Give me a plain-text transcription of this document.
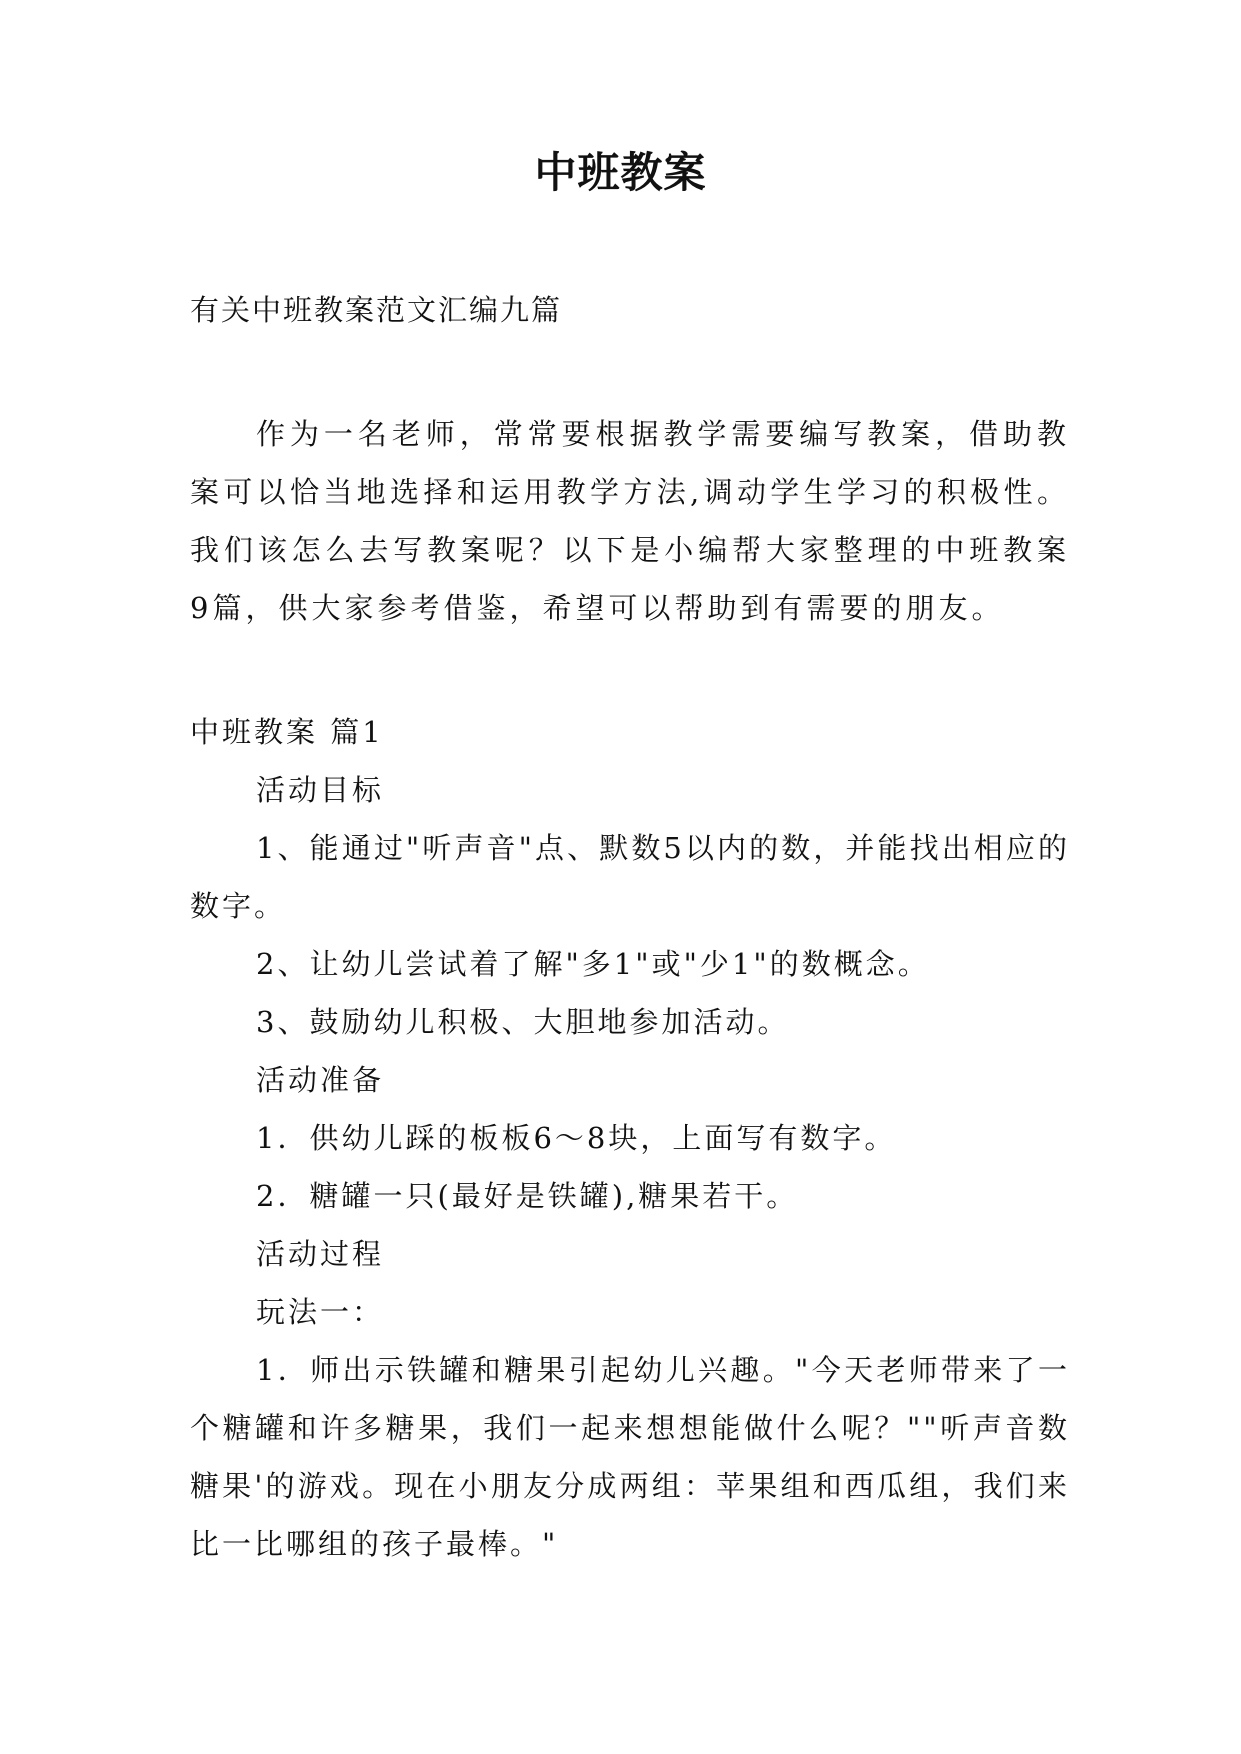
中班教案
有关中班教案范文汇编九篇

作为一名老师，常常要根据教学需要编写教案，借助教案可以恰当地选择和运用教学方法,调动学生学习的积极性。我们该怎么去写教案呢？以下是小编帮大家整理的中班教案9篇，供大家参考借鉴，希望可以帮助到有需要的朋友。

中班教案 篇1

活动目标

1、能通过"听声音"点、默数5以内的数，并能找出相应的数字。

2、让幼儿尝试着了解"多1"或"少1"的数概念。

3、鼓励幼儿积极、大胆地参加活动。

活动准备

1．供幼儿踩的板板6～8块，上面写有数字。

2．糖罐一只(最好是铁罐),糖果若干。

活动过程

玩法一：

1．师出示铁罐和糖果引起幼儿兴趣。"今天老师带来了一个糖罐和许多糖果，我们一起来想想能做什么呢？""听声音数糖果'的游戏。现在小朋友分成两组：苹果组和西瓜组，我们来比一比哪组的孩子最棒。"
